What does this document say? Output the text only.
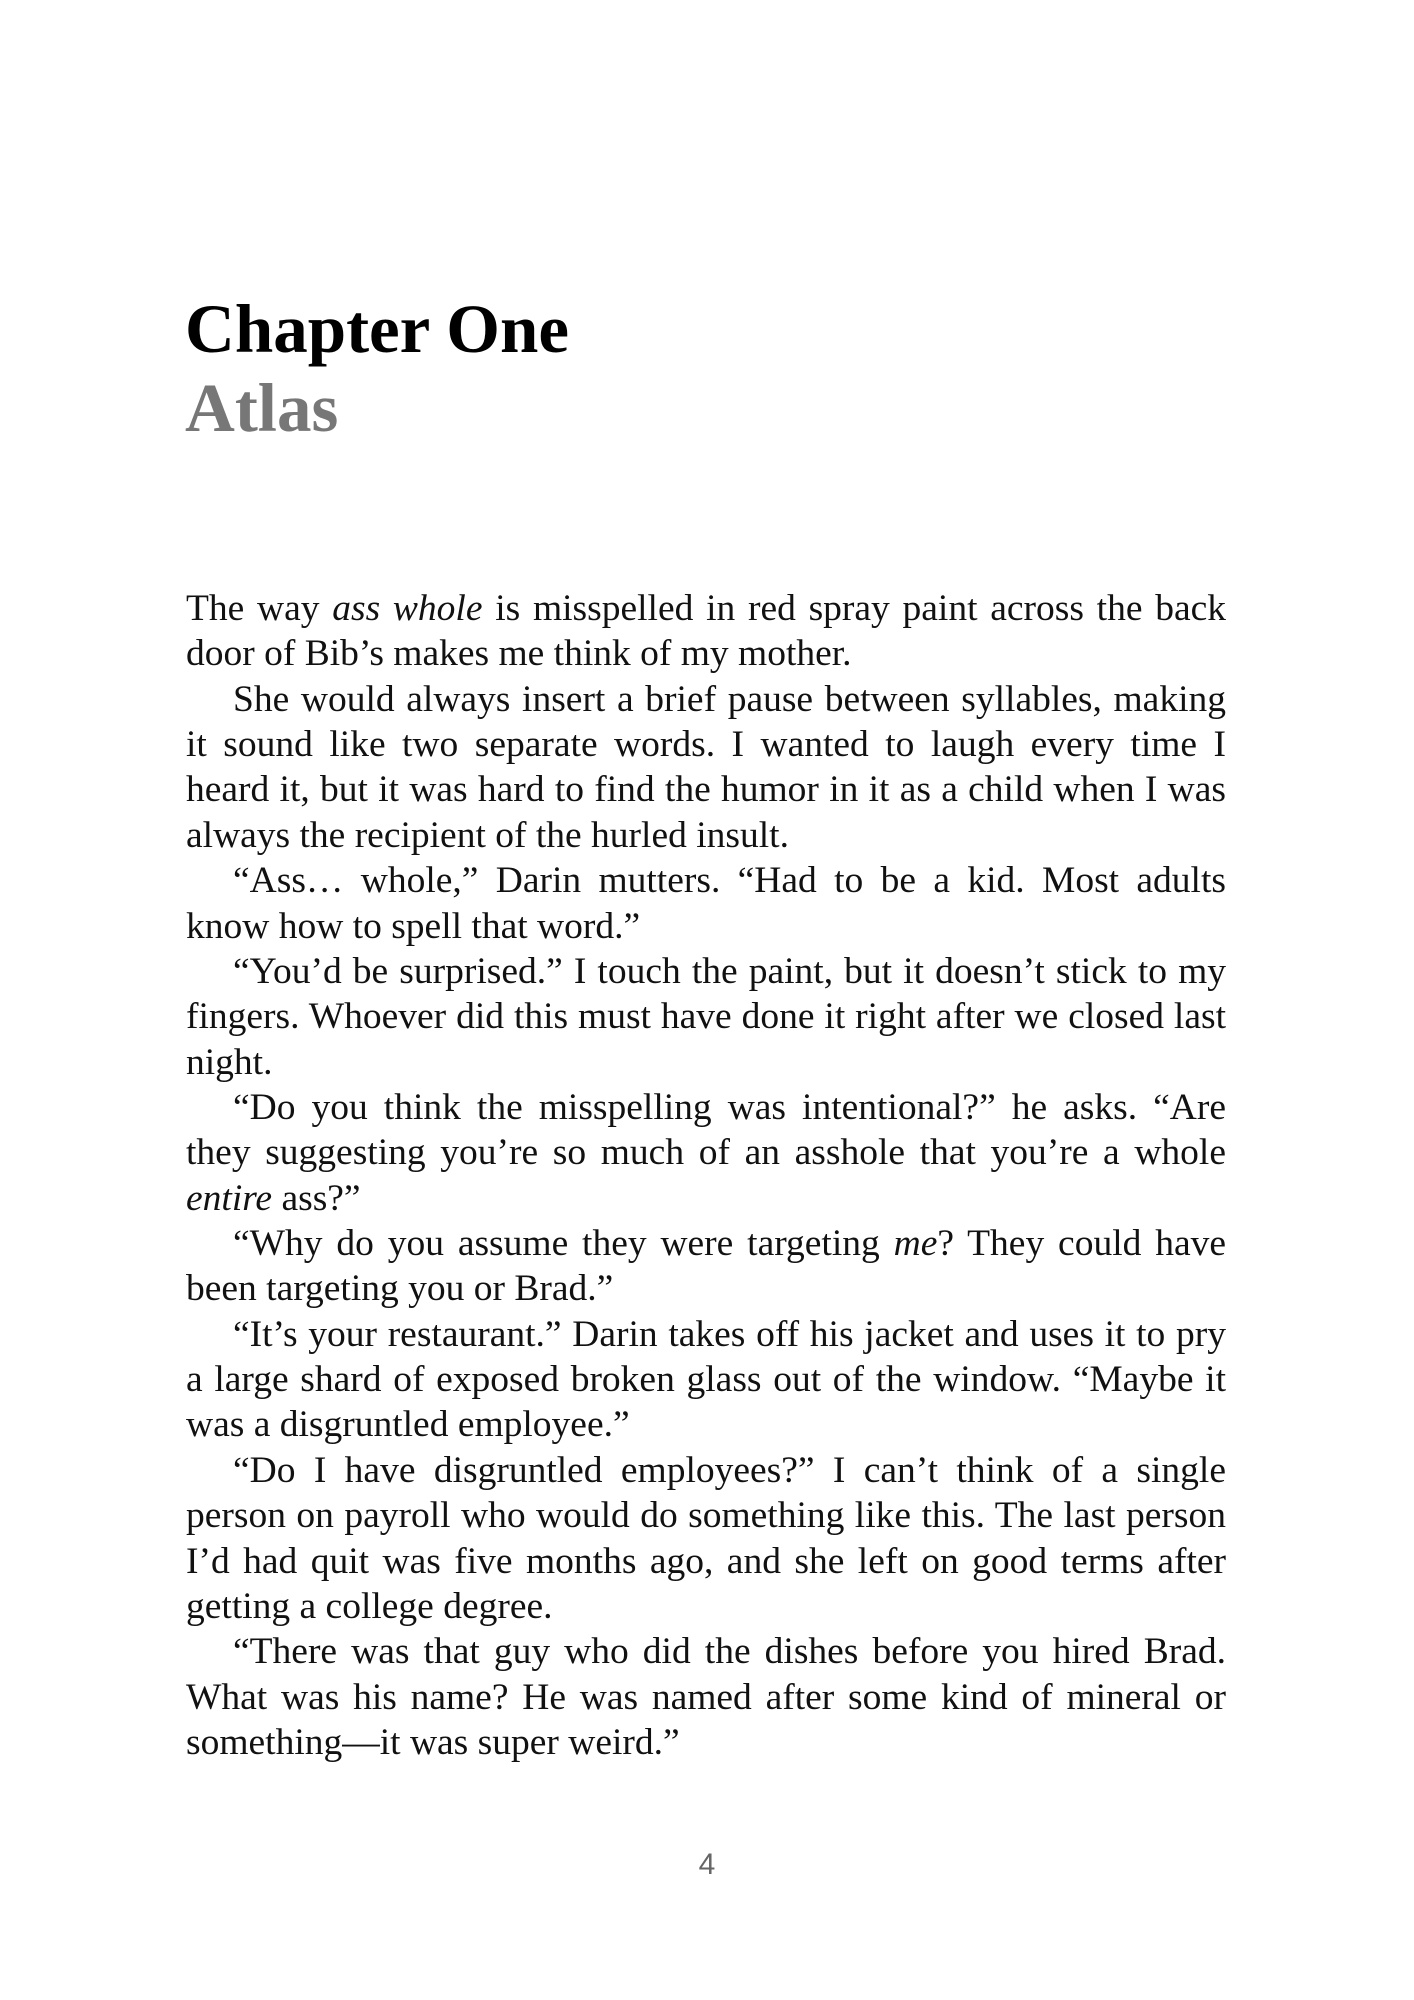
Chapter One
Atlas

The way ass whole is misspelled in red spray paint across the back door of Bib’s makes me think of my mother.

She would always insert a brief pause between syllables, making it sound like two separate words. I wanted to laugh every time I heard it, but it was hard to find the humor in it as a child when I was always the recipient of the hurled insult.

“Ass… whole,” Darin mutters. “Had to be a kid. Most adults know how to spell that word.”

“You’d be surprised.” I touch the paint, but it doesn’t stick to my fingers. Whoever did this must have done it right after we closed last night.

“Do you think the misspelling was intentional?” he asks. “Are they suggesting you’re so much of an asshole that you’re a whole entire ass?”

“Why do you assume they were targeting me? They could have been targeting you or Brad.”

“It’s your restaurant.” Darin takes off his jacket and uses it to pry a large shard of exposed broken glass out of the window. “Maybe it was a disgruntled employee.”

“Do I have disgruntled employees?” I can’t think of a single person on payroll who would do something like this. The last person I’d had quit was five months ago, and she left on good terms after getting a college degree.

“There was that guy who did the dishes before you hired Brad. What was his name? He was named after some kind of mineral or something—it was super weird.”

4
